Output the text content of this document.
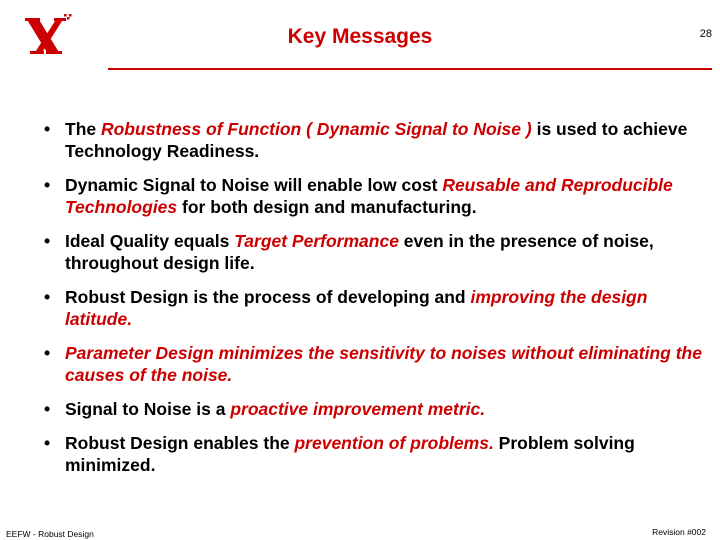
Key Messages	28
• The Robustness of Function ( Dynamic Signal to Noise ) is used to achieve Technology Readiness.
• Dynamic Signal to Noise will enable low cost Reusable and Reproducible Technologies for both design and manufacturing.
• Ideal Quality equals Target Performance even in the presence of noise, throughout design life.
• Robust Design is the process of developing and improving the design latitude.
• Parameter Design minimizes the sensitivity to noises without eliminating the causes of the noise.
• Signal to Noise is a proactive improvement metric.
• Robust Design enables the prevention of problems. Problem solving minimized.
EEFW - Robust Design	Revision #002
